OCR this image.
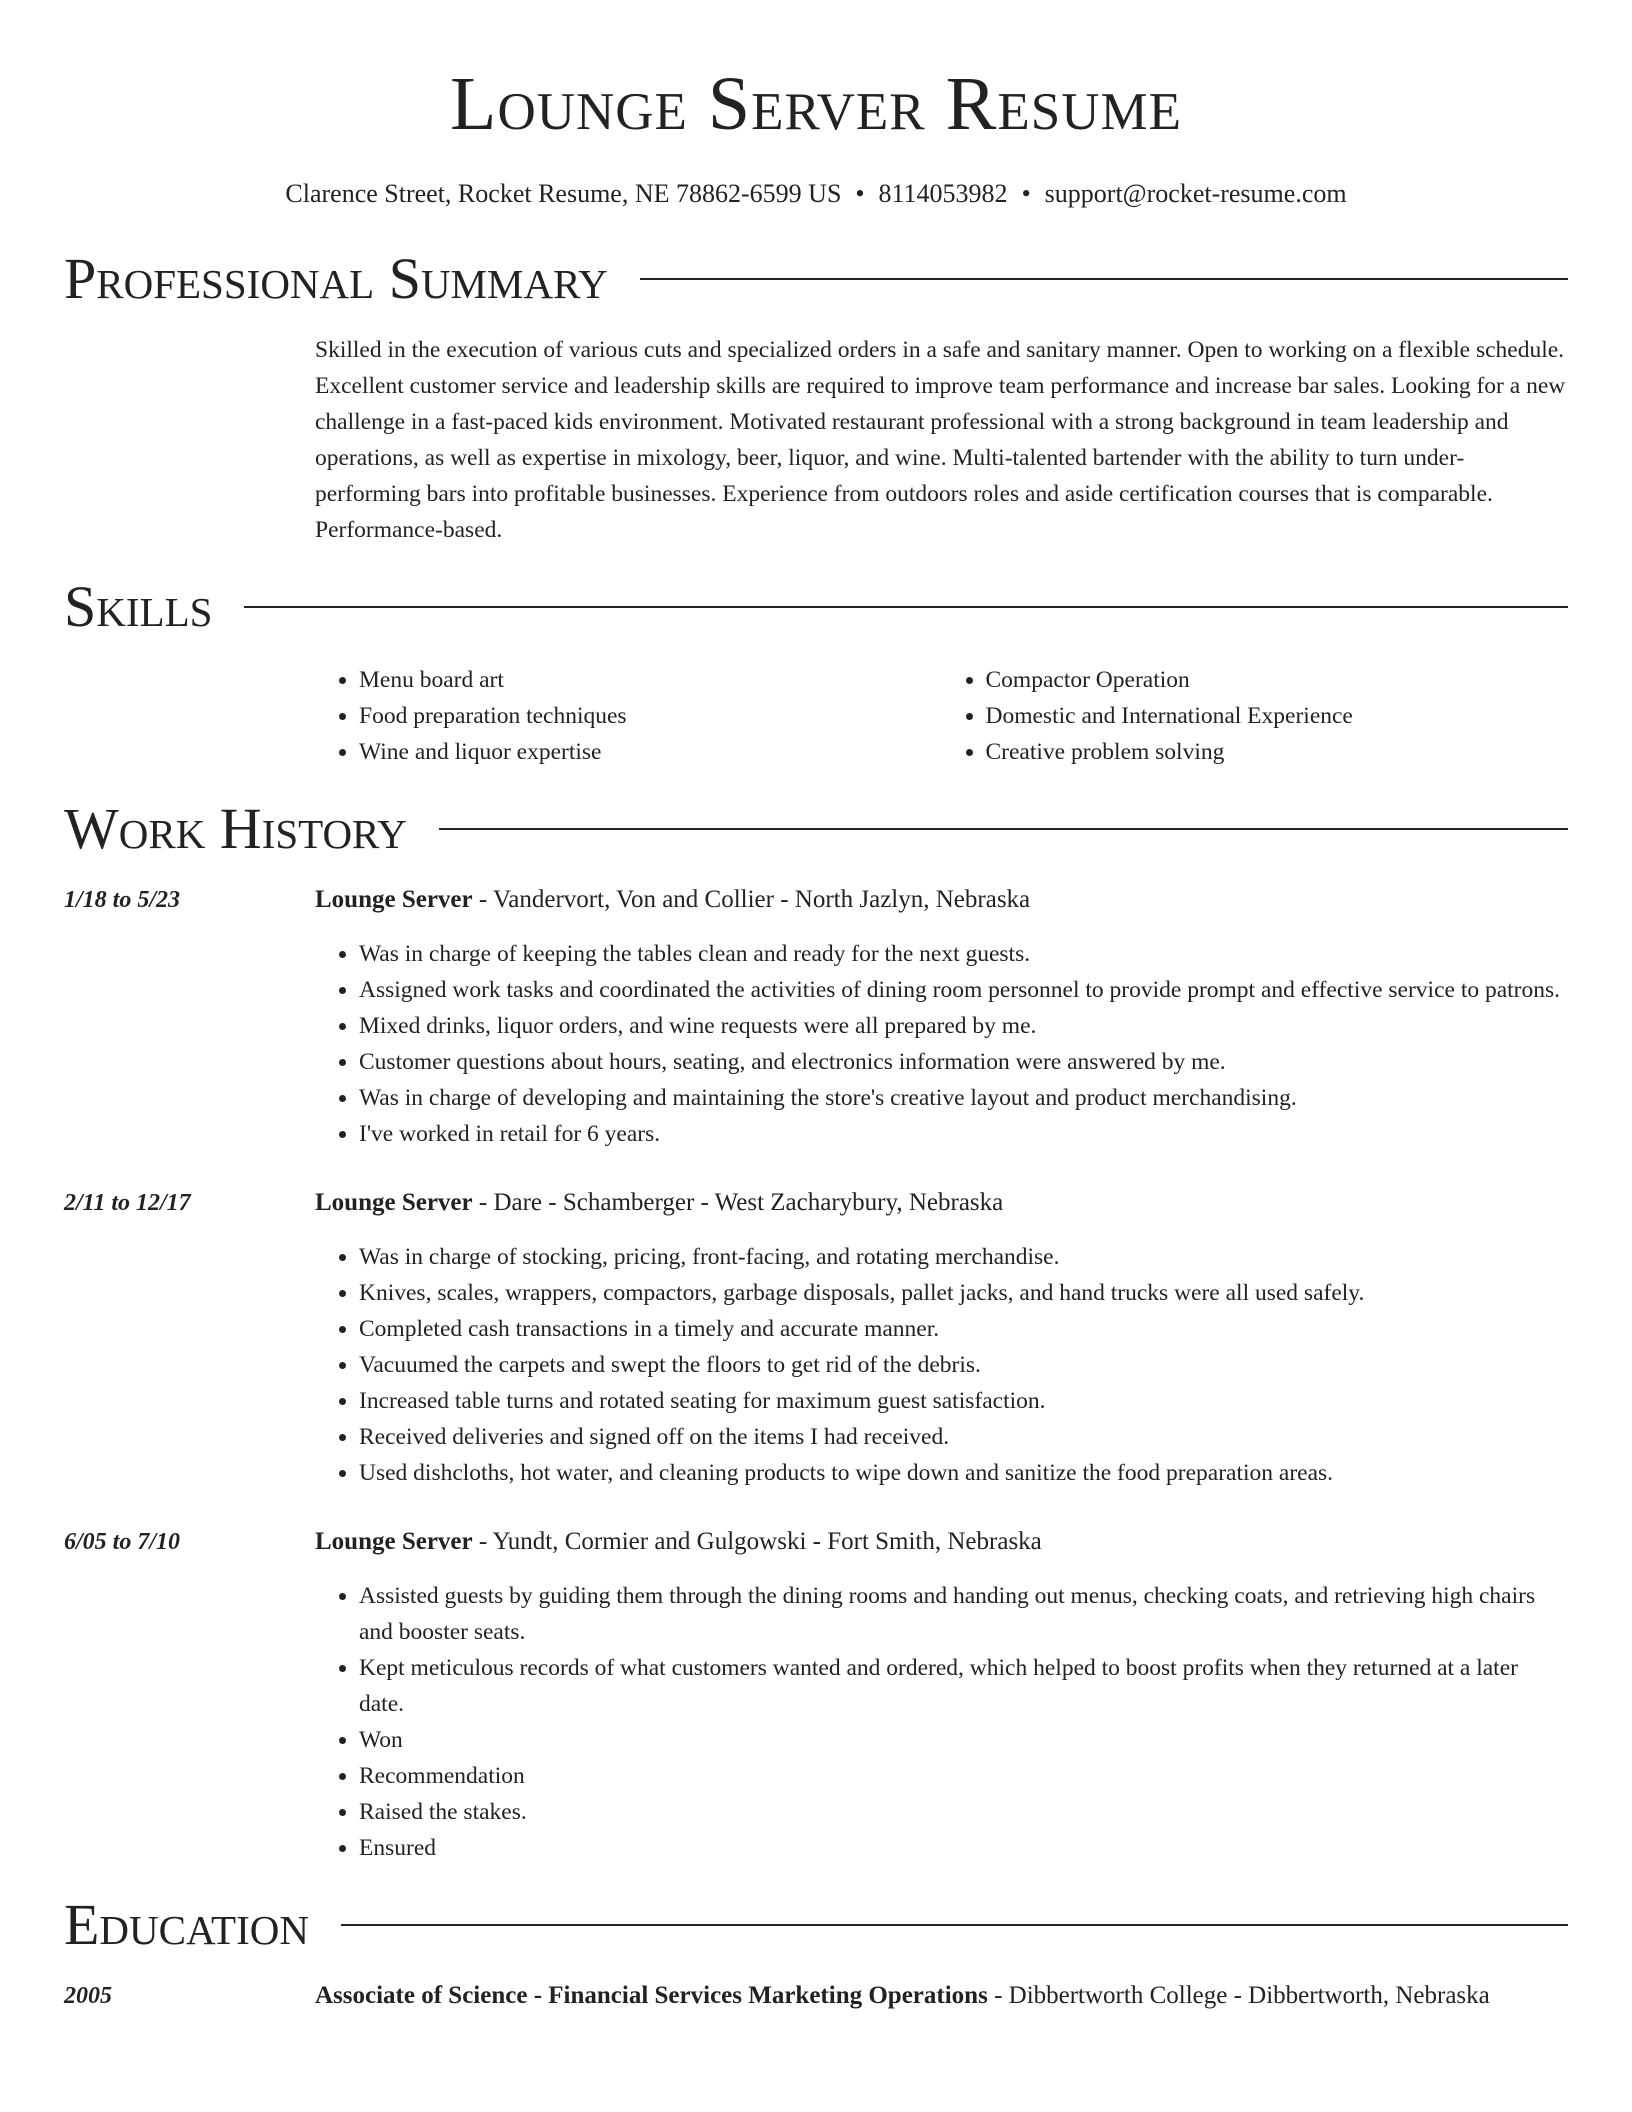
Lounge Server Resume
Clarence Street, Rocket Resume, NE 78862-6599 US • 8114053982 • support@rocket-resume.com
Professional Summary
Skilled in the execution of various cuts and specialized orders in a safe and sanitary manner. Open to working on a flexible schedule. Excellent customer service and leadership skills are required to improve team performance and increase bar sales. Looking for a new challenge in a fast-paced kids environment. Motivated restaurant professional with a strong background in team leadership and operations, as well as expertise in mixology, beer, liquor, and wine. Multi-talented bartender with the ability to turn under-performing bars into profitable businesses. Experience from outdoors roles and aside certification courses that is comparable. Performance-based.
Skills
• Menu board art
• Food preparation techniques
• Wine and liquor expertise
• Compactor Operation
• Domestic and International Experience
• Creative problem solving
Work History
1/18 to 5/23	Lounge Server - Vandervort, Von and Collier - North Jazlyn, Nebraska
• Was in charge of keeping the tables clean and ready for the next guests.
• Assigned work tasks and coordinated the activities of dining room personnel to provide prompt and effective service to patrons.
• Mixed drinks, liquor orders, and wine requests were all prepared by me.
• Customer questions about hours, seating, and electronics information were answered by me.
• Was in charge of developing and maintaining the store's creative layout and product merchandising.
• I've worked in retail for 6 years.
2/11 to 12/17	Lounge Server - Dare - Schamberger - West Zacharybury, Nebraska
• Was in charge of stocking, pricing, front-facing, and rotating merchandise.
• Knives, scales, wrappers, compactors, garbage disposals, pallet jacks, and hand trucks were all used safely.
• Completed cash transactions in a timely and accurate manner.
• Vacuumed the carpets and swept the floors to get rid of the debris.
• Increased table turns and rotated seating for maximum guest satisfaction.
• Received deliveries and signed off on the items I had received.
• Used dishcloths, hot water, and cleaning products to wipe down and sanitize the food preparation areas.
6/05 to 7/10	Lounge Server - Yundt, Cormier and Gulgowski - Fort Smith, Nebraska
• Assisted guests by guiding them through the dining rooms and handing out menus, checking coats, and retrieving high chairs and booster seats.
• Kept meticulous records of what customers wanted and ordered, which helped to boost profits when they returned at a later date.
• Won
• Recommendation
• Raised the stakes.
• Ensured
Education
2005	Associate of Science - Financial Services Marketing Operations - Dibbertworth College - Dibbertworth, Nebraska
